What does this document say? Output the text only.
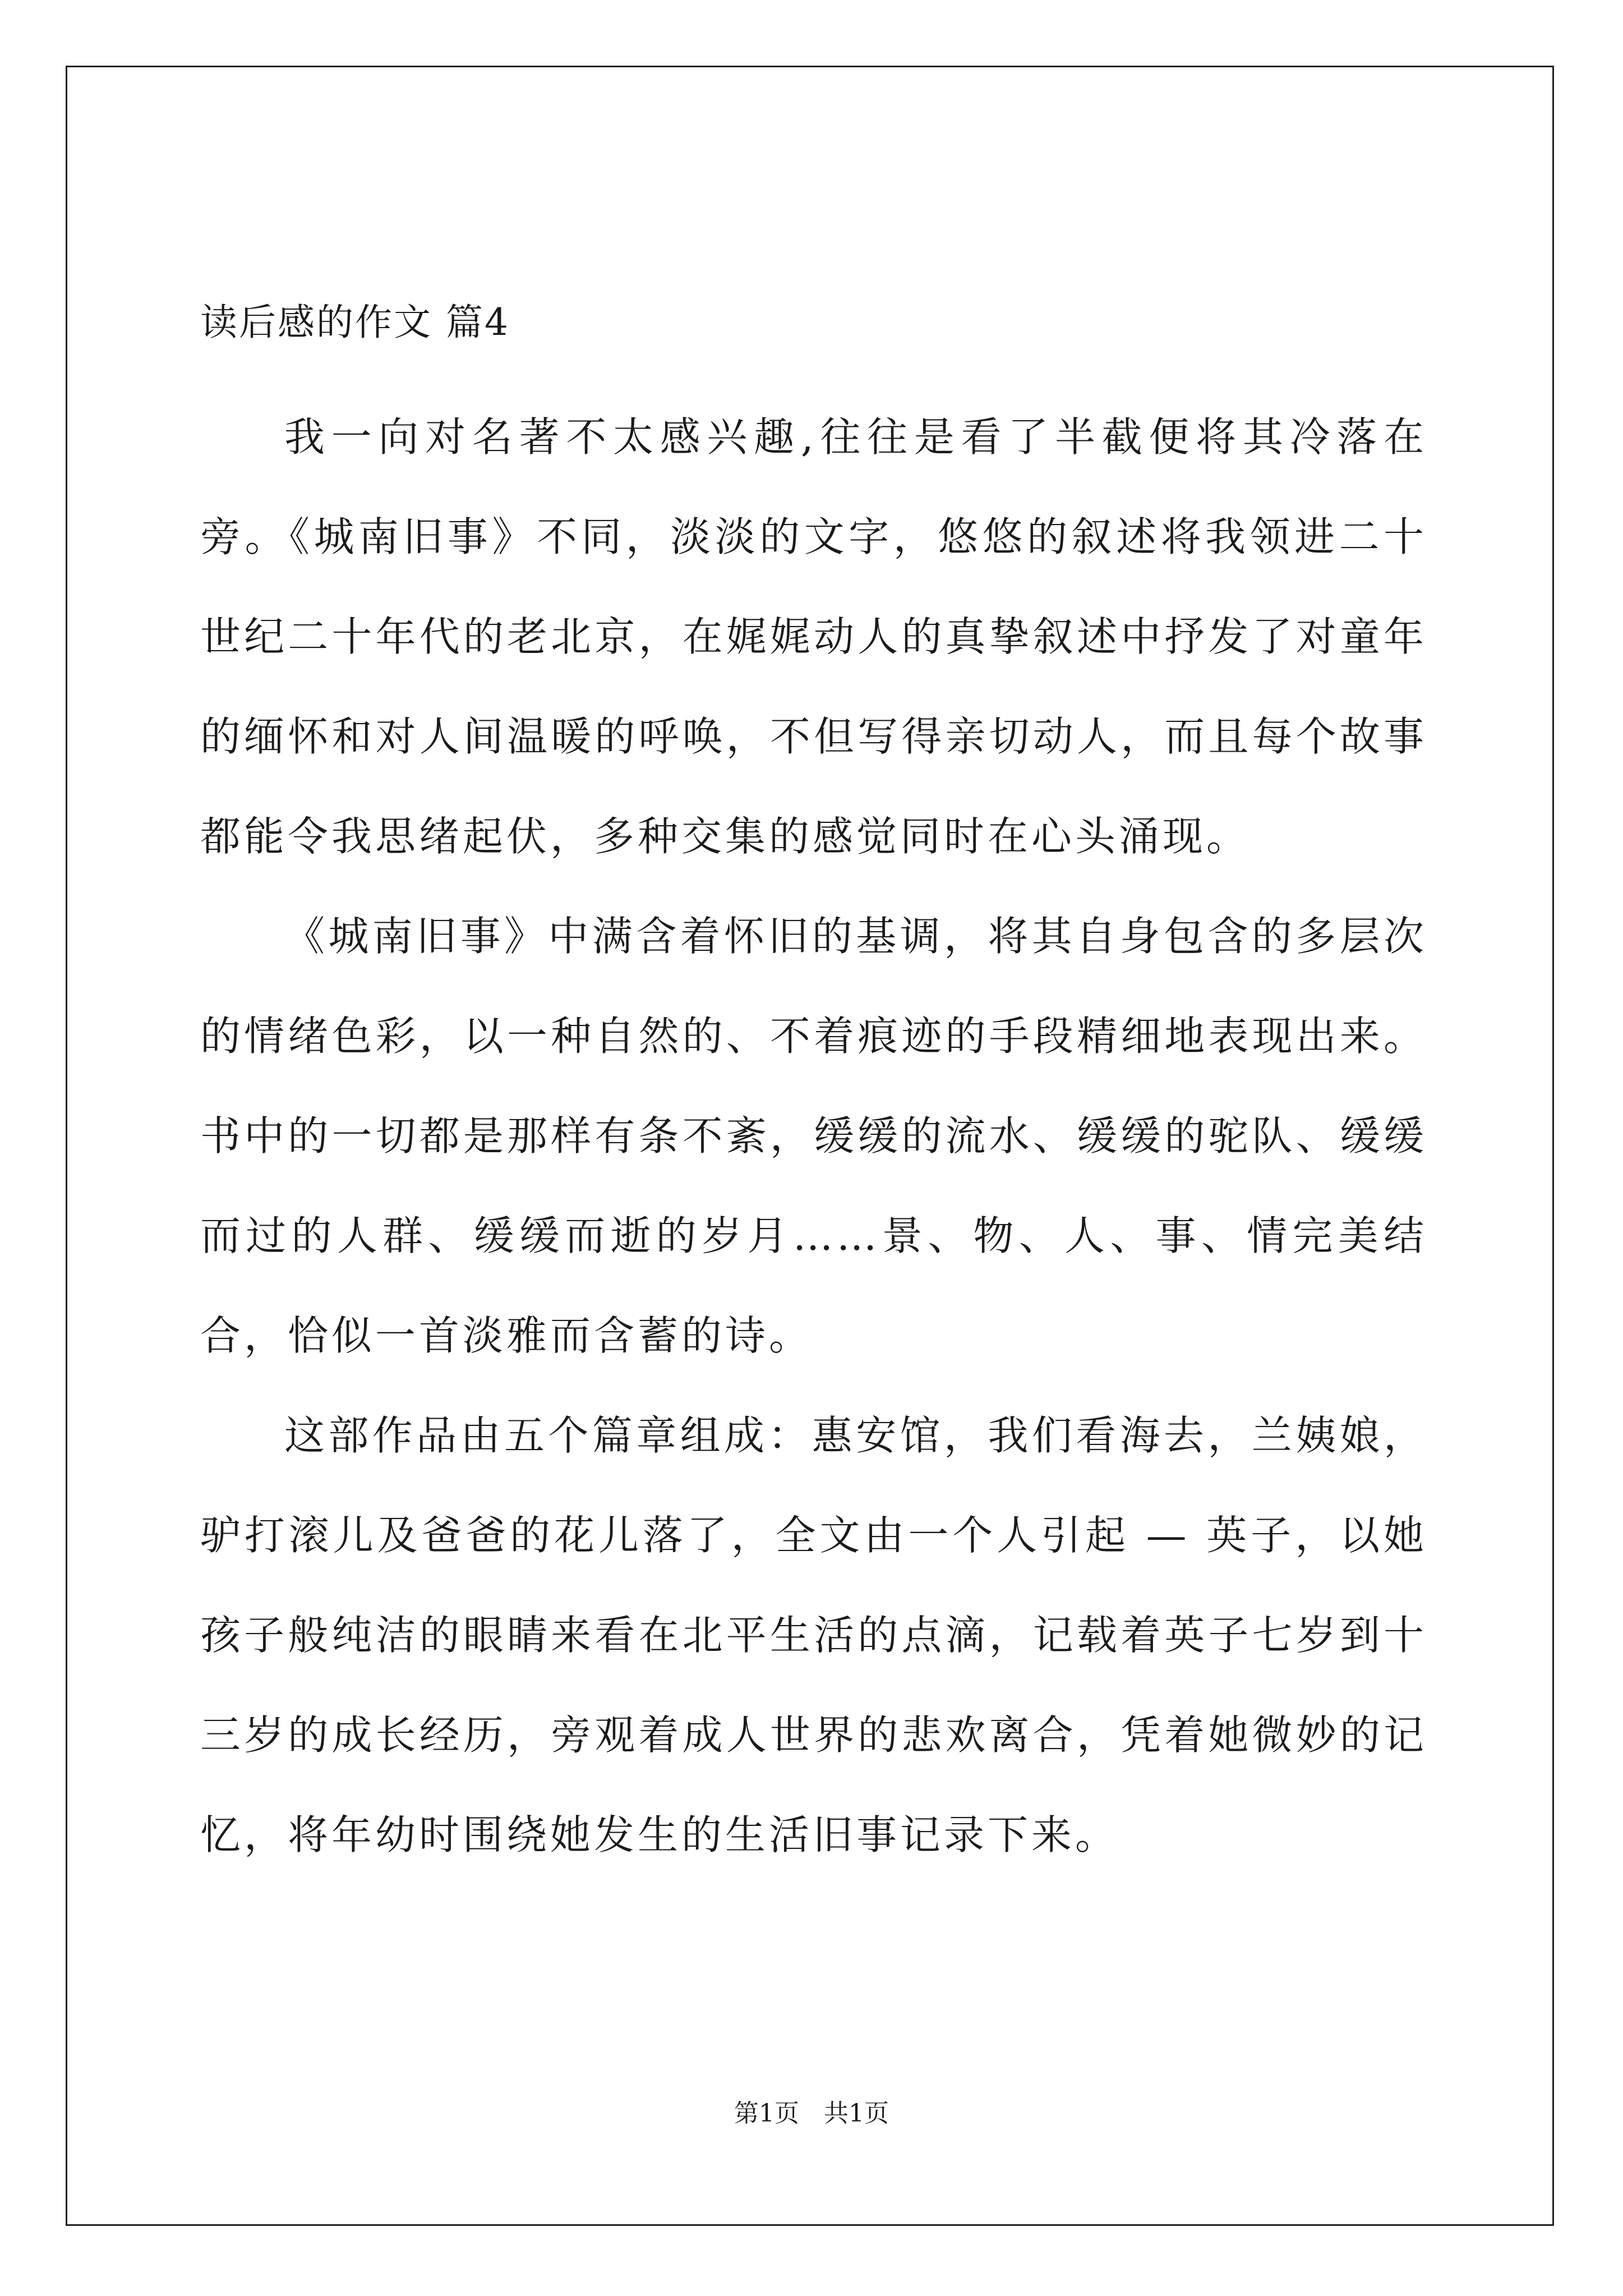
读后感的作文 篇4

我一向对名著不太感兴趣,往往是看了半截便将其冷落在旁。《城南旧事》不同，淡淡的文字，悠悠的叙述将我领进二十世纪二十年代的老北京，在娓娓动人的真挚叙述中抒发了对童年的缅怀和对人间温暖的呼唤，不但写得亲切动人，而且每个故事都能令我思绪起伏，多种交集的感觉同时在心头涌现。

《城南旧事》中满含着怀旧的基调，将其自身包含的多层次的情绪色彩，以一种自然的、不着痕迹的手段精细地表现出来。书中的一切都是那样有条不紊，缓缓的流水、缓缓的驼队、缓缓而过的人群、缓缓而逝的岁月……景、物、人、事、情完美结合，恰似一首淡雅而含蓄的诗。

这部作品由五个篇章组成：惠安馆，我们看海去，兰姨娘，驴打滚儿及爸爸的花儿落了，全文由一个人引起 — 英子，以她孩子般纯洁的眼睛来看在北平生活的点滴，记载着英子七岁到十三岁的成长经历，旁观着成人世界的悲欢离合，凭着她微妙的记忆，将年幼时围绕她发生的生活旧事记录下来。

第1页　共1页
